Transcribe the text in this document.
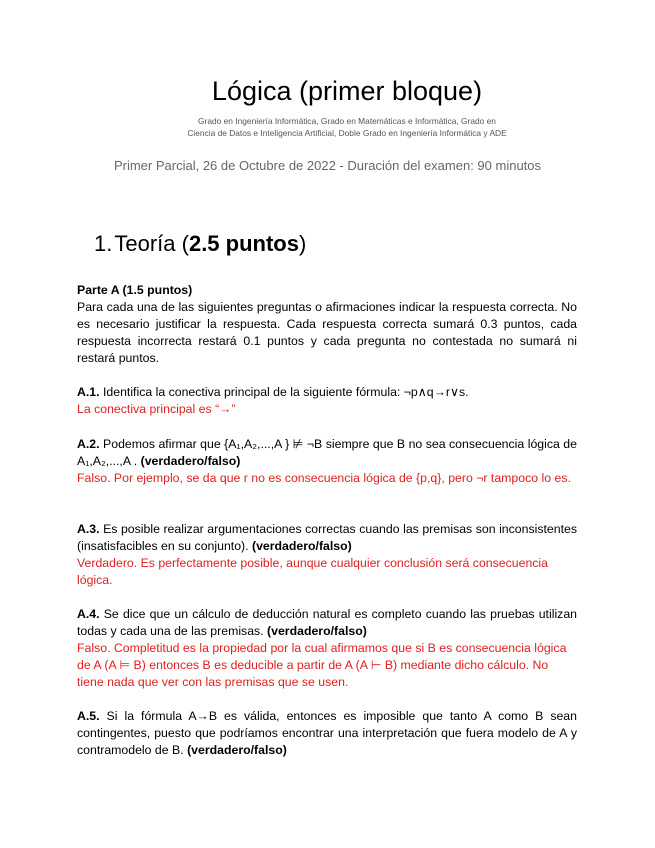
Lógica (primer bloque)
Grado en Ingeniería Informática, Grado en Matemáticas e Informática, Grado en
Ciencia de Datos e Inteligencia Artificial, Doble Grado en Ingeniería Informática y ADE
Primer Parcial, 26 de Octubre de 2022 - Duración del examen: 90 minutos
1.Teoría (2.5 puntos)
Parte A (1.5 puntos)
Para cada una de las siguientes preguntas o afirmaciones indicar la respuesta correcta. No es necesario justificar la respuesta. Cada respuesta correcta sumará 0.3 puntos, cada respuesta incorrecta restará 0.1 puntos y cada pregunta no contestada no sumará ni restará puntos.
A.1. Identifica la conectiva principal de la siguiente fórmula: ¬p∧q→r∨s.
La conectiva principal es “→”
A.2. Podemos afirmar que {A₁,A₂,...,A } ⊭ ¬B siempre que B no sea consecuencia lógica de A₁,A₂,...,A . (verdadero/falso)
Falso. Por ejemplo, se da que r no es consecuencia lógica de {p,q}, pero ¬r tampoco lo es.
A.3. Es posible realizar argumentaciones correctas cuando las premisas son inconsistentes (insatisfacibles en su conjunto). (verdadero/falso)
Verdadero. Es perfectamente posible, aunque cualquier conclusión será consecuencia lógica.
A.4. Se dice que un cálculo de deducción natural es completo cuando las pruebas utilizan todas y cada una de las premisas. (verdadero/falso)
Falso. Completitud es la propiedad por la cual afirmamos que si B es consecuencia lógica de A (A ⊨ B) entonces B es deducible a partir de A (A ⊢ B) mediante dicho cálculo. No tiene nada que ver con las premisas que se usen.
A.5. Si la fórmula A→B es válida, entonces es imposible que tanto A como B sean contingentes, puesto que podríamos encontrar una interpretación que fuera modelo de A y contramodelo de B. (verdadero/falso)
